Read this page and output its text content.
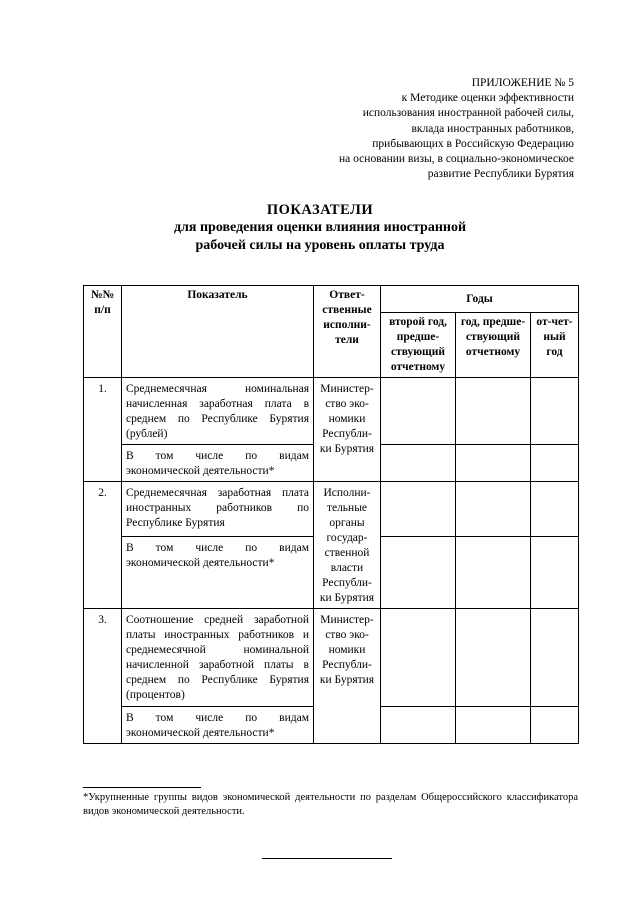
ПРИЛОЖЕНИЕ № 5
к Методике оценки эффективности
использования иностранной рабочей силы,
вклада иностранных работников,
прибывающих в Российскую Федерацию
на основании визы, в социально-экономическое
развитие Республики Бурятия
ПОКАЗАТЕЛИ
для проведения оценки влияния иностранной
рабочей силы на уровень оплаты труда
№№ п/п	Показатель	Ответ-ственные исполни-тели	Годы		
			второй год, предше-ствующий отчетному	год, предше-ствующий отчетному	от-чет-ный год
1.	Среднемесячная номинальная начисленная заработная плата в среднем по Республике Бурятия (рублей)	Министер-ство эко-номики Республи-ки Бурятия			
	В том числе по видам экономической деятельности*				
2.	Среднемесячная заработная плата иностранных работников по Республике Бурятия	Исполни-тельные органы государ-ственной власти Республи-ки Бурятия			
	В том числе по видам экономической деятельности*				
3.	Соотношение средней заработной платы иностранных работников и среднемесячной номинальной начисленной заработной платы в среднем по Республике Бурятия (процентов)	Министер-ство эко-номики Республи-ки Бурятия			
	В том числе по видам экономической деятельности*				
*Укрупненные группы видов экономической деятельности по разделам Общероссийского классификатора видов экономической деятельности.
